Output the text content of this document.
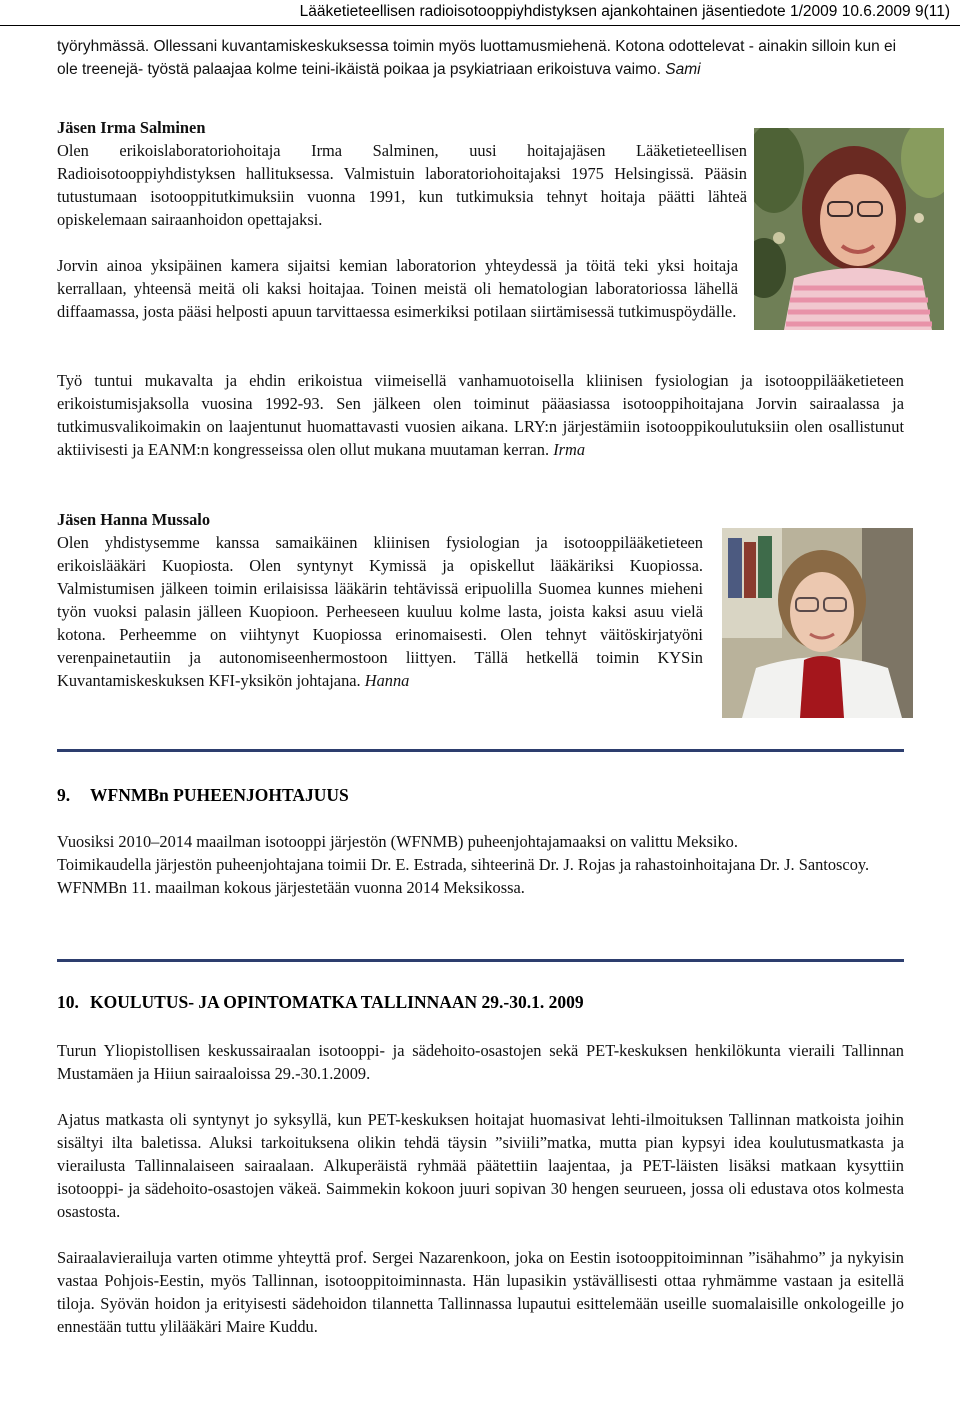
Lääketieteellisen radioisotooppiyhdistyksen ajankohtainen jäsentiedote 1/2009 10.6.2009 9(11)
työryhmässä. Ollessani kuvantamiskeskuksessa toimin myös luottamusmiehenä. Kotona odottelevat - ainakin silloin kun ei ole treenejä- työstä palaajaa kolme teini-ikäistä poikaa ja psykiatriaan erikoistuva vaimo. Sami

Jäsen Irma Salminen

Olen erikoislaboratoriohoitaja Irma Salminen, uusi hoitajajäsen Lääketieteellisen Radioisotooppiyhdistyksen hallituksessa. Valmistuin laboratoriohoitajaksi 1975 Helsingissä. Pääsin tutustumaan isotooppitutkimuksiin vuonna 1991, kun tutkimuksia tehnyt hoitaja päätti lähteä opiskelemaan sairaanhoidon opettajaksi.

Jorvin ainoa yksipäinen kamera sijaitsi kemian laboratorion yhteydessä ja töitä teki yksi hoitaja kerrallaan, yhteensä meitä oli kaksi hoitajaa. Toinen meistä oli hematologian laboratoriossa lähellä diffaamassa, josta pääsi helposti apuun tarvittaessa esimerkiksi potilaan siirtämisessä tutkimuspöydälle.

Työ tuntui mukavalta ja ehdin erikoistua viimeisellä vanhamuotoisella kliinisen fysiologian ja isotooppilääketieteen erikoistumisjaksolla vuosina 1992-93. Sen jälkeen olen toiminut pääasiassa isotooppihoitajana Jorvin sairaalassa ja tutkimusvalikoimakin on laajentunut huomattavasti vuosien aikana. LRY:n järjestämiin isotooppikoulutuksiin olen osallistunut aktiivisesti ja EANM:n kongresseissa olen ollut mukana muutaman kerran. Irma

Jäsen Hanna Mussalo

Olen yhdistysemme kanssa samaikäinen kliinisen fysiologian ja isotooppilääketieteen erikoislääkäri Kuopiosta. Olen syntynyt Kymissä ja opiskellut lääkäriksi Kuopiossa. Valmistumisen jälkeen toimin erilaisissa lääkärin tehtävissä eripuolilla Suomea kunnes mieheni työn vuoksi palasin jälleen Kuopioon. Perheeseen kuuluu kolme lasta, joista kaksi asuu vielä kotona. Perheemme on viihtynyt Kuopiossa erinomaisesti. Olen tehnyt väitöskirjatyöni verenpainetautiin ja autonomiseenhermostoon liittyen. Tällä hetkellä toimin KYSin Kuvantamiskeskuksen KFI-yksikön johtajana. Hanna

9. WFNMBn PUHEENJOHTAJUUS

Vuosiksi 2010–2014 maailman isotooppi järjestön (WFNMB) puheenjohtajamaaksi on valittu Meksiko.

Toimikaudella järjestön puheenjohtajana toimii Dr. E. Estrada, sihteerinä Dr. J. Rojas ja rahastoinhoitajana Dr. J. Santoscoy.

WFNMBn 11. maailman kokous järjestetään vuonna 2014 Meksikossa.

10. KOULUTUS- JA OPINTOMATKA TALLINNAAN 29.-30.1. 2009

Turun Yliopistollisen keskussairaalan isotooppi- ja sädehoito-osastojen sekä PET-keskuksen henkilökunta vieraili Tallinnan Mustamäen ja Hiiun sairaaloissa 29.-30.1.2009.

Ajatus matkasta oli syntynyt jo syksyllä, kun PET-keskuksen hoitajat huomasivat lehti-ilmoituksen Tallinnan matkoista joihin sisältyi ilta baletissa. Aluksi tarkoituksena olikin tehdä täysin ”siviili”matka, mutta pian kypsyi idea koulutusmatkasta ja vierailusta Tallinnalaiseen sairaalaan. Alkuperäistä ryhmää päätettiin laajentaa, ja PET-läisten lisäksi matkaan kysyttiin isotooppi- ja sädehoito-osastojen väkeä. Saimmekin kokoon juuri sopivan 30 hengen seurueen, jossa oli edustava otos kolmesta osastosta.

Sairaalavierailuja varten otimme yhteyttä prof. Sergei Nazarenkoon, joka on Eestin isotooppitoiminnan ”isähahmo” ja nykyisin vastaa Pohjois-Eestin, myös Tallinnan, isotooppitoiminnasta. Hän lupasikin ystävällisesti ottaa ryhmämme vastaan ja esitellä tiloja. Syövän hoidon ja erityisesti sädehoidon tilannetta Tallinnassa lupautui esittelemään useille suomalaisille onkologeille jo ennestään tuttu ylilääkäri Maire Kuddu.
